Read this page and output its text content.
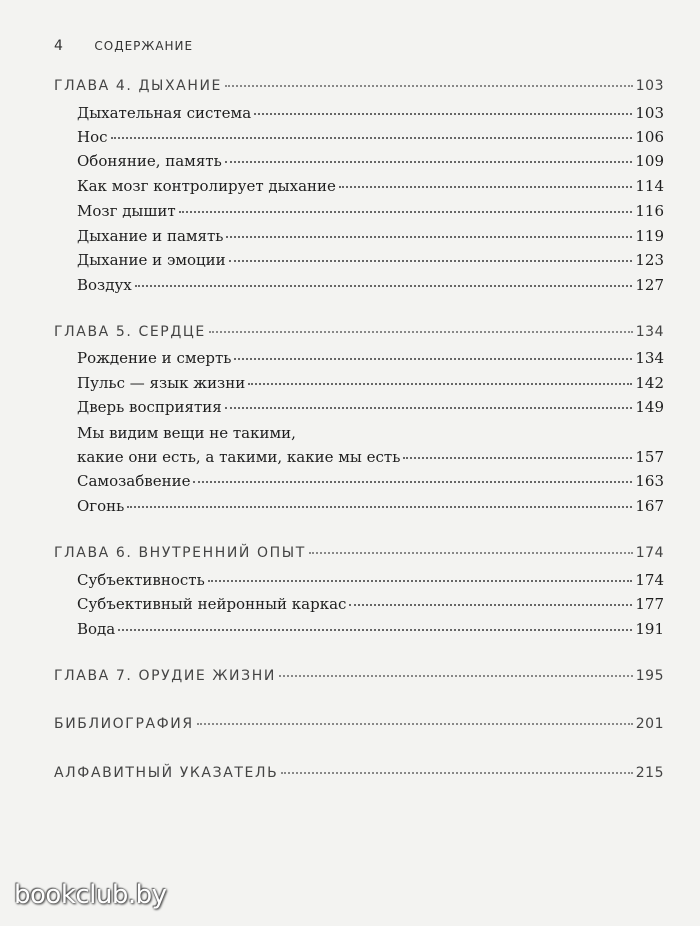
4	СОДЕРЖАНИЕ
ГЛАВА 4. ДЫХАНИЕ	103
Дыхательная система	103
Нос	106
Обоняние, память	109
Как мозг контролирует дыхание	114
Мозг дышит	116
Дыхание и память	119
Дыхание и эмоции	123
Воздух	127
ГЛАВА 5. СЕРДЦЕ	134
Рождение и смерть	134
Пульс — язык жизни	142
Дверь восприятия	149
Мы видим вещи не такими,
какие они есть, а такими, какие мы есть	157
Самозабвение	163
Огонь	167
ГЛАВА 6. ВНУТРЕННИЙ ОПЫТ	174
Субъективность	174
Субъективный нейронный каркас	177
Вода	191
ГЛАВА 7. ОРУДИЕ ЖИЗНИ	195
БИБЛИОГРАФИЯ	201
АЛФАВИТНЫЙ УКАЗАТЕЛЬ	215
bookclub.by
